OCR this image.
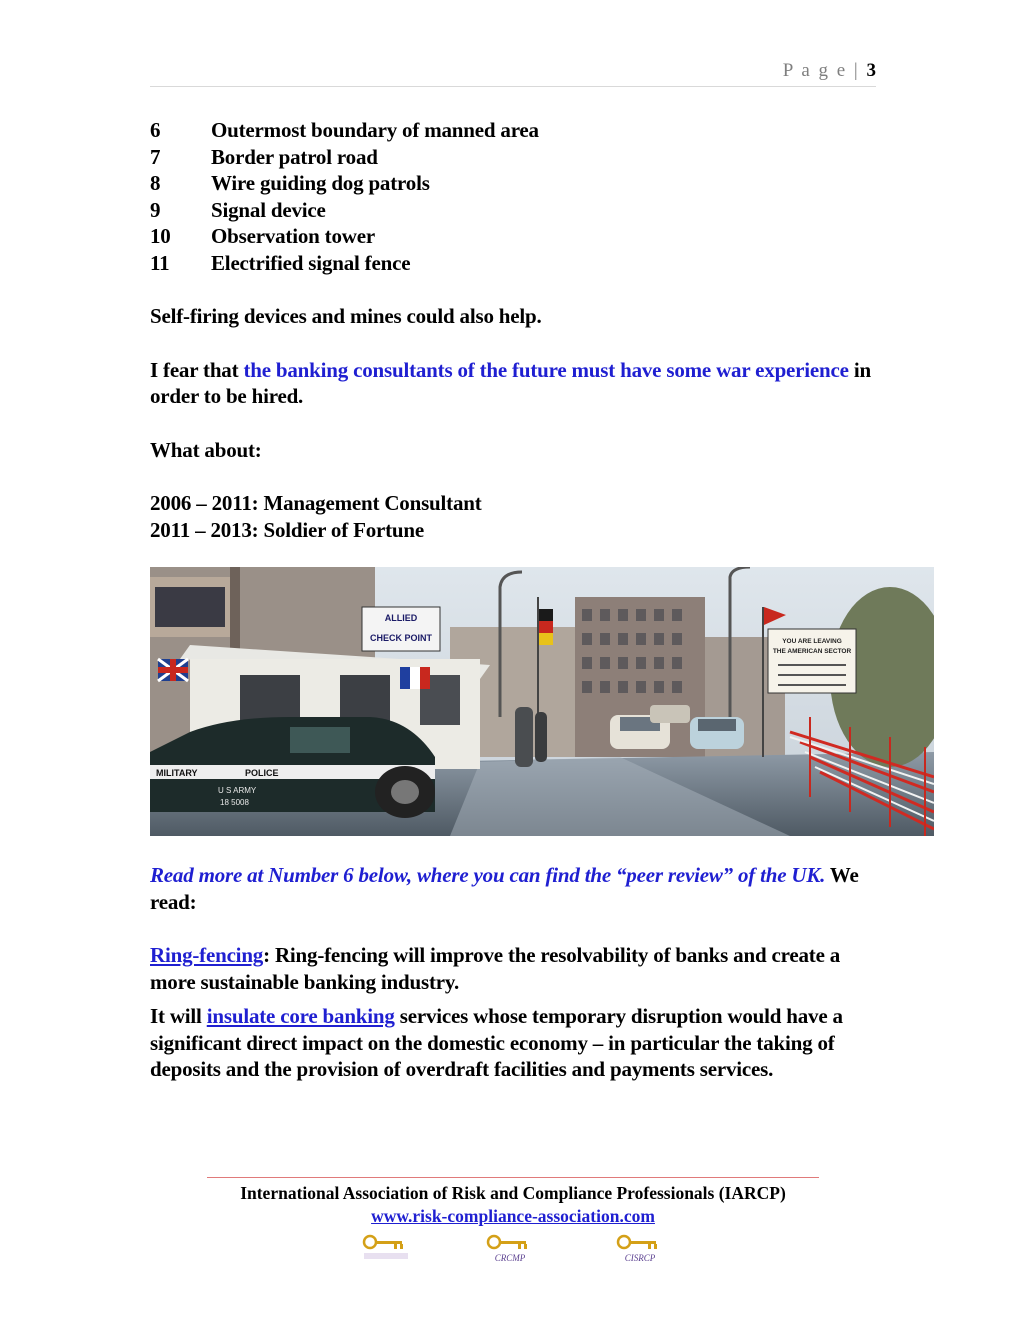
P a g e | 3
6	Outermost boundary of manned area
7	Border patrol road
8	Wire guiding dog patrols
9	Signal device
10	Observation tower
11	Electrified signal fence

Self-firing devices and mines could also help.

I fear that the banking consultants of the future must have some war experience in order to be hired.

What about:

2006 – 2011: Management Consultant

2011 – 2013: Soldier of Fortune

ALLIED
CHECK POINT	YOU ARE LEAVING
THE AMERICAN SECTOR
MILITARY	POLICE
U S ARMY
18 5008

Read more at Number 6 below, where you can find the “peer review” of the UK. We read:

Ring-fencing: Ring-fencing will improve the resolvability of banks and create a more sustainable banking industry.

It will insulate core banking services whose temporary disruption would have a significant direct impact on the domestic economy – in particular the taking of deposits and the provision of overdraft facilities and payments services.

International Association of Risk and Compliance Professionals (IARCP)
www.risk-compliance-association.com
CRCMP	CISRCP
